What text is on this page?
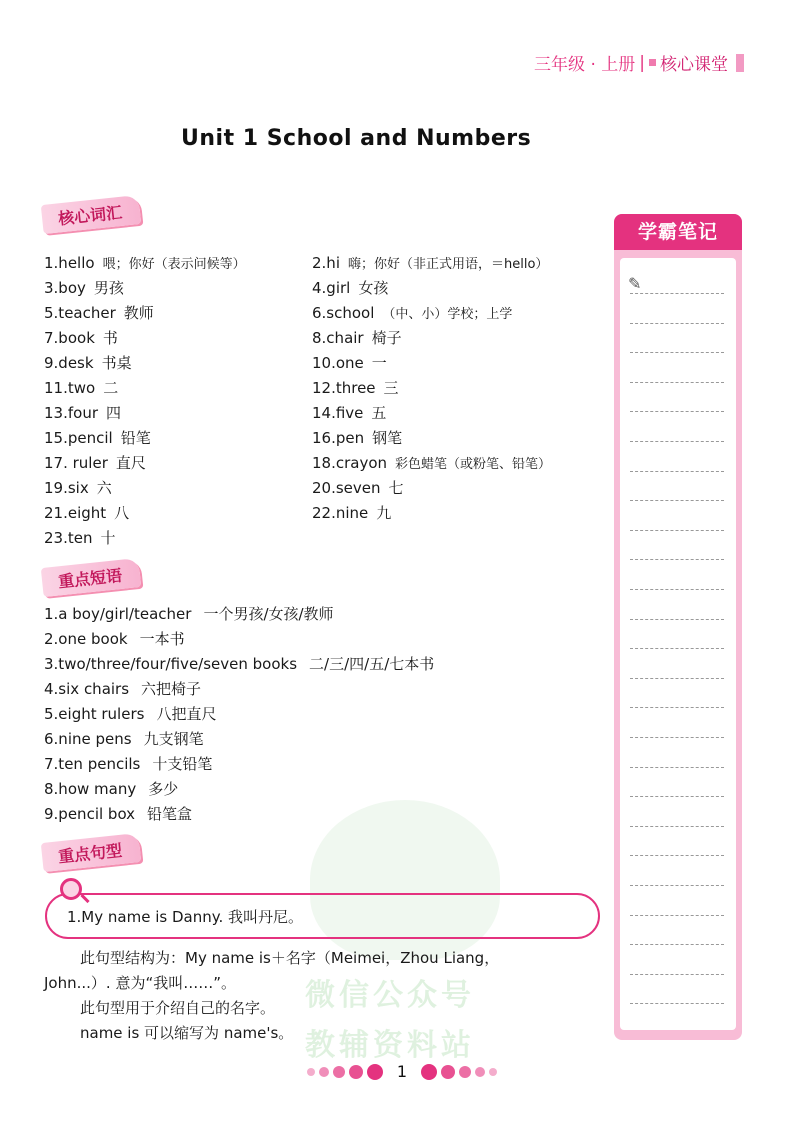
三年级 · 上册 | 核心课堂
Unit 1 School and Numbers
核心词汇
1.hello 喂；你好（表示问候等）	2.hi 嗨；你好（非正式用语，＝hello）
3.boy 男孩	4.girl 女孩
5.teacher 教师	6.school （中、小）学校；上学
7.book 书	8.chair 椅子
9.desk 书桌	10.one 一
11.two 二	12.three 三
13.four 四	14.five 五
15.pencil 铅笔	16.pen 钢笔
17. ruler 直尺	18.crayon 彩色蜡笔（或粉笔、铅笔）
19.six 六	20.seven 七
21.eight 八	22.nine 九
23.ten 十
重点短语
1.a boy/girl/teacher 一个男孩/女孩/教师
2.one book 一本书
3.two/three/four/five/seven books 二/三/四/五/七本书
4.six chairs 六把椅子
5.eight rulers 八把直尺
6.nine pens 九支钢笔
7.ten pencils 十支铅笔
8.how many 多少
9.pencil box 铅笔盒
重点句型
1.My name is Danny. 我叫丹尼。

此句型结构为：My name is＋名字（Meimei，Zhou Liang，

John...）. 意为“我叫……”。

此句型用于介绍自己的名字。

name is 可以缩写为 name's。

微信公众号
教辅资料站
学霸笔记
✎
1
